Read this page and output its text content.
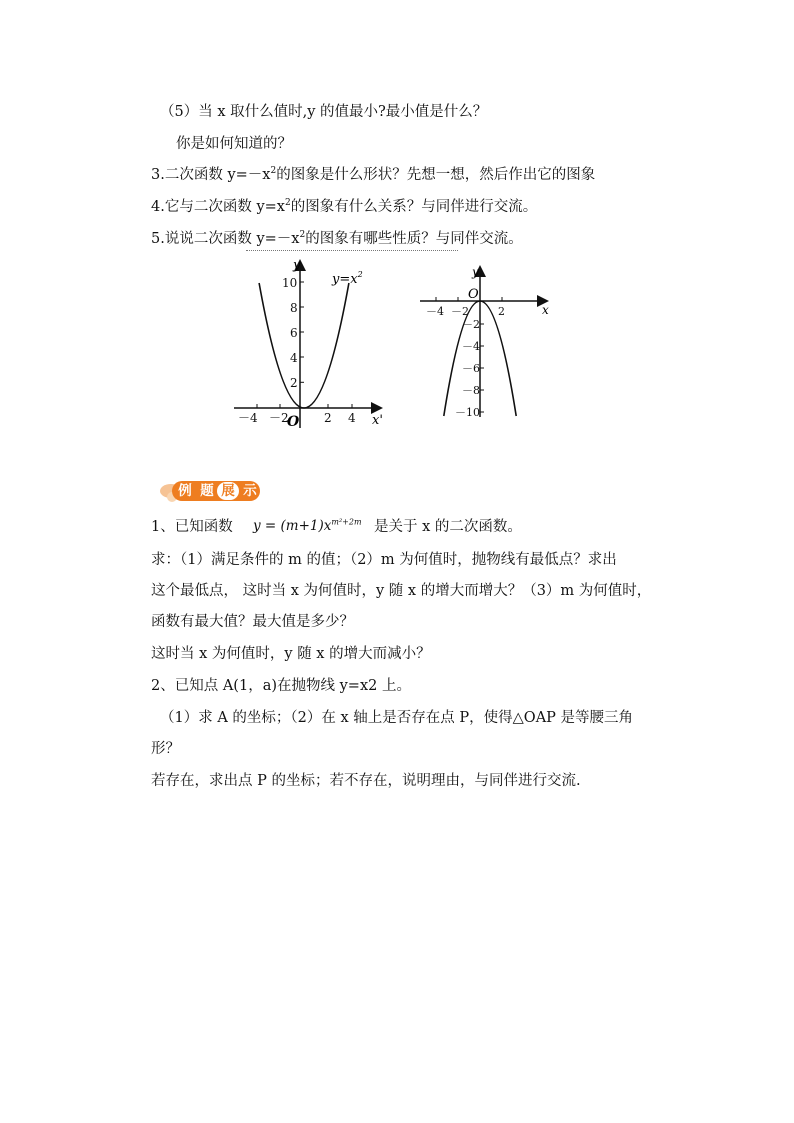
（5）当 x 取什么值时,y 的值最小?最小值是什么？
你是如何知道的？
3.二次函数 $y=-x^2$的图象是什么形状？先想一想，然后作出它的图象
4.它与二次函数 $y=x^2$的图象有什么关系？与同伴进行交流。
5.说说二次函数 $y=-x^2$的图象有哪些性质？与同伴交流。
2
4
6
8
10
－4 －2	2 4
O
y
x'
$y=x^2$
－4 －2	2
－2
－4
－6
－8
－10
O
y
x
例 题 展 示
1、已知函数 $y = (m+1)x^{m^2+2m}$ 是关于 x 的二次函数。
求：（1）满足条件的 m 的值；（2）m 为何值时，抛物线有最低点？求出
这个最低点， 这时当 x 为何值时，y 随 x 的增大而增大？（3）m 为何值时，
函数有最大值？最大值是多少？
这时当 x 为何值时，y 随 x 的增大而减小？
2、已知点 A(1，a)在抛物线 y=x2 上。
（1）求 A 的坐标；（2）在 x 轴上是否存在点 P，使得△OAP 是等腰三角
形？
若存在，求出点 P 的坐标；若不存在，说明理由，与同伴进行交流.
